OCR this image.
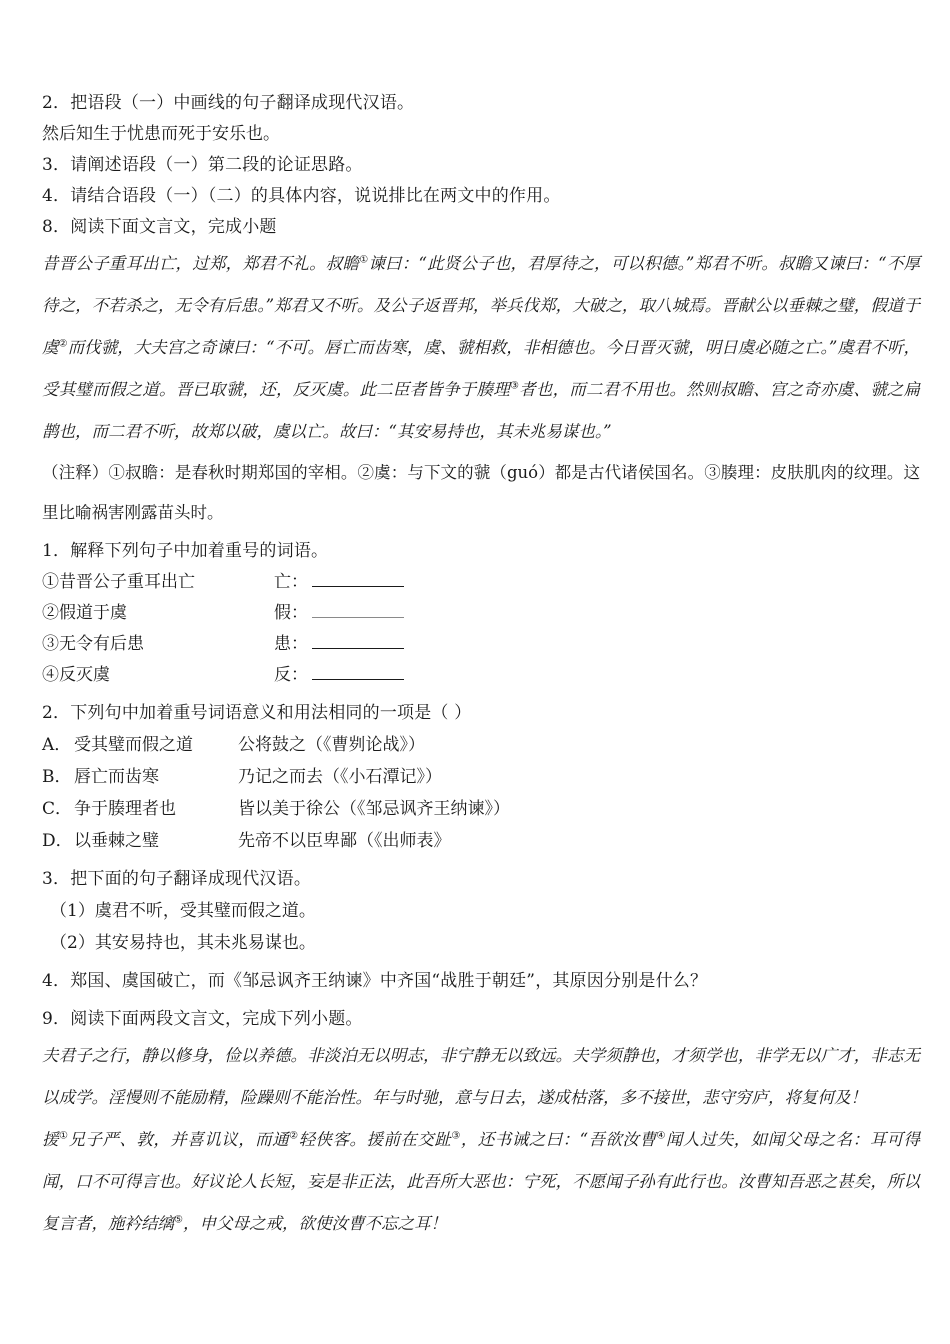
2．把语段（一）中画线的句子翻译成现代汉语。
然后知生于忧患而死于安乐也。
3．请阐述语段（一）第二段的论证思路。
4．请结合语段（一）（二）的具体内容，说说排比在两文中的作用。
8．阅读下面文言文，完成小题

昔晋公子重耳出亡，过郑，郑君不礼。叔瞻①谏曰：“此贤公子也，君厚待之，可以积德。”郑君不听。叔瞻又谏曰：“不厚待之，不若杀之，无令有后患。”郑君又不听。及公子返晋邦，举兵伐郑，大破之，取八城焉。晋献公以垂棘之璧，假道于虞②而伐虢，大夫宫之奇谏曰：“不可。唇亡而齿寒，虞、虢相救，非相德也。今日晋灭虢，明日虞必随之亡。”虞君不听，受其璧而假之道。晋已取虢，还，反灭虞。此二臣者皆争于腠理③者也，而二君不用也。然则叔瞻、宫之奇亦虞、虢之扁鹊也，而二君不听，故郑以破，虞以亡。故曰：“其安易持也，其未兆易谋也。”

（注释）①叔瞻：是春秋时期郑国的宰相。②虞：与下文的虢（guó）都是古代诸侯国名。③腠理：皮肤肌肉的纹理。这里比喻祸害刚露苗头时。
1．解释下列句子中加着重号的词语。
①昔晋公子重耳出亡	亡：
②假道于虞	假：
③无令有后患	患：
④反灭虞	反：
2．下列句中加着重号词语意义和用法相同的一项是（ ）
A． 受其璧而假之道	公将鼓之（《曹刿论战》）
B． 唇亡而齿寒	乃记之而去（《小石潭记》）
C． 争于腠理者也	皆以美于徐公（《邹忌讽齐王纳谏》）
D． 以垂棘之璧	先帝不以臣卑鄙（《出师表》
3．把下面的句子翻译成现代汉语。
（1）虞君不听，受其璧而假之道。
（2）其安易持也，其未兆易谋也。
4．郑国、虞国破亡，而《邹忌讽齐王纳谏》中齐国“战胜于朝廷”，其原因分别是什么？
9．阅读下面两段文言文，完成下列小题。

夫君子之行，静以修身，俭以养德。非淡泊无以明志，非宁静无以致远。夫学须静也，才须学也，非学无以广才，非志无以成学。淫慢则不能励精，险躁则不能治性。年与时驰，意与日去，遂成枯落，多不接世，悲守穷庐，将复何及！

援①兄子严、敦，并喜讥议，而通②轻侠客。援前在交趾③，还书诫之曰：“吾欲汝曹④闻人过失，如闻父母之名：耳可得闻，口不可得言也。好议论人长短，妄是非正法，此吾所大恶也：宁死，不愿闻子孙有此行也。汝曹知吾恶之甚矣，所以复言者，施衿结缡⑤，申父母之戒，欲使汝曹不忘之耳！
